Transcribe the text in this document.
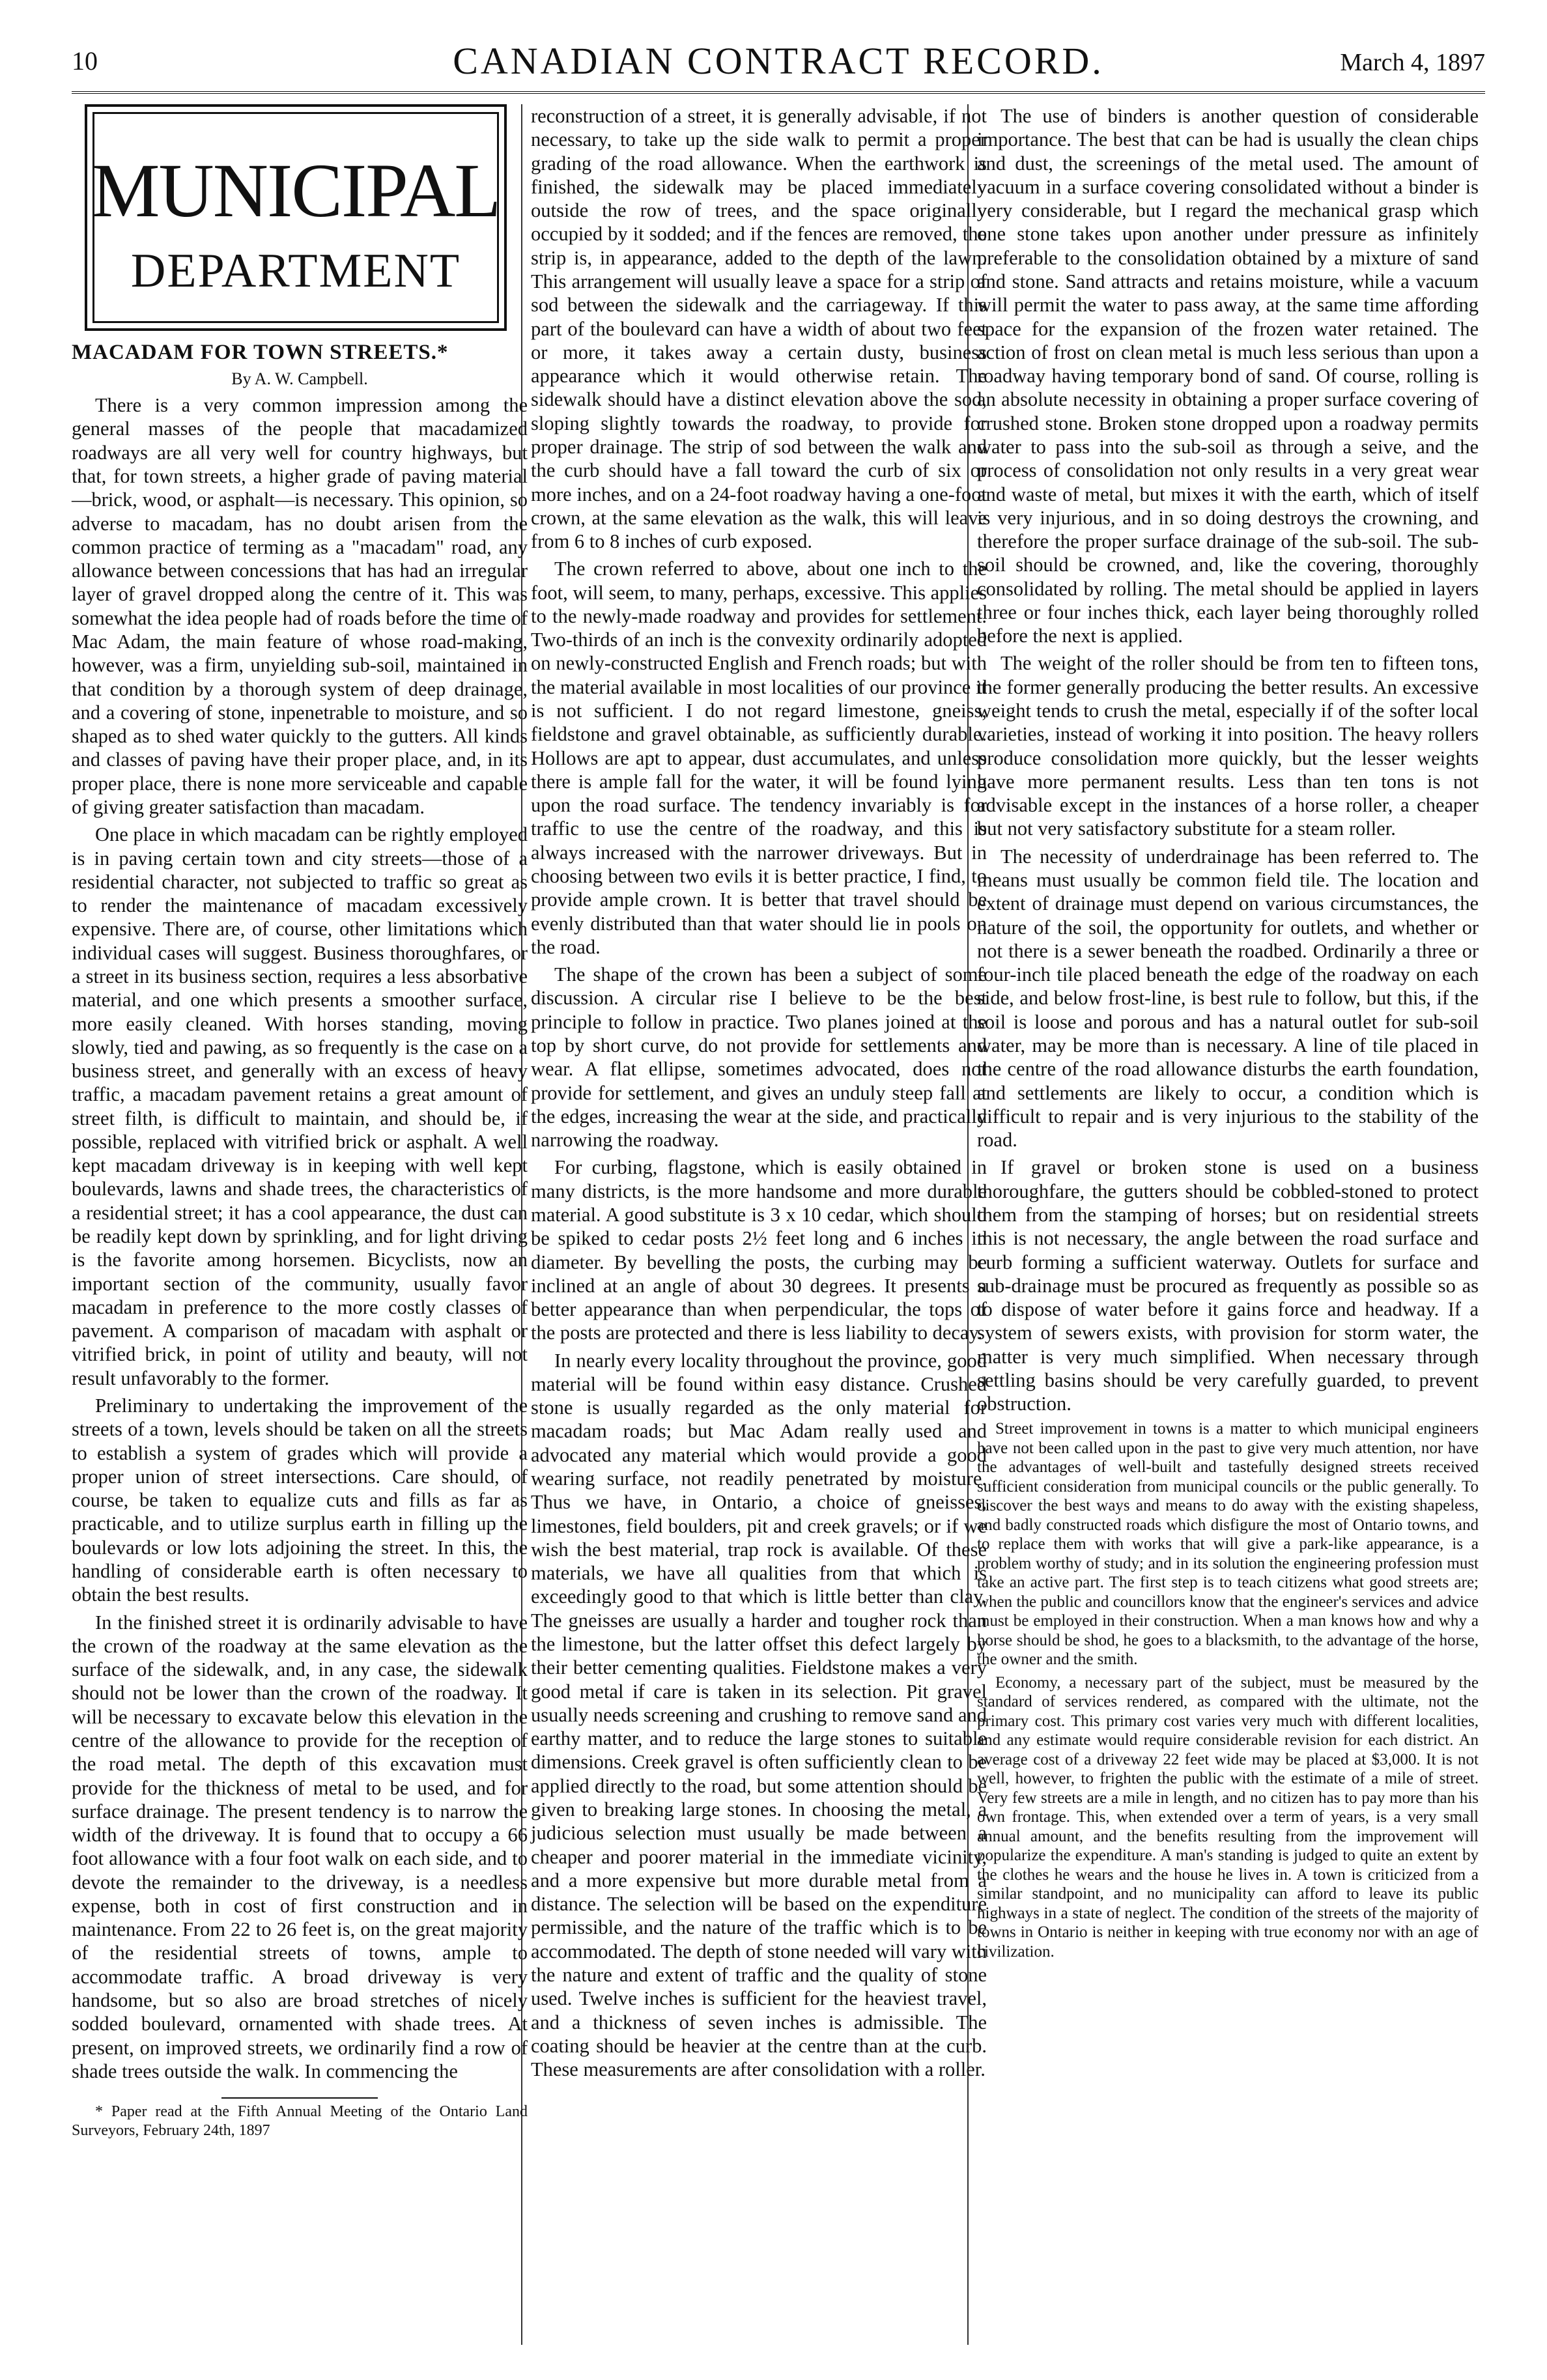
10	CANADIAN CONTRACT RECORD.	March 4, 1897
MUNICIPAL
DEPARTMENT

MACADAM FOR TOWN STREETS.*

By A. W. Campbell.

There is a very common impression among the general masses of the people that macadamized roadways are all very well for country highways, but that, for town streets, a higher grade of paving material—brick, wood, or asphalt—is necessary. This opinion, so adverse to macadam, has no doubt arisen from the common practice of terming as a "macadam" road, any allowance between concessions that has had an irregular layer of gravel dropped along the centre of it. This was somewhat the idea people had of roads before the time of Mac Adam, the main feature of whose road-making, however, was a firm, unyielding sub-soil, maintained in that condition by a thorough system of deep drainage, and a covering of stone, inpenetrable to moisture, and so shaped as to shed water quickly to the gutters. All kinds and classes of paving have their proper place, and, in its proper place, there is none more serviceable and capable of giving greater satisfaction than macadam.

One place in which macadam can be rightly employed is in paving certain town and city streets—those of a residential character, not subjected to traffic so great as to render the maintenance of macadam excessively expensive. There are, of course, other limitations which individual cases will suggest. Business thoroughfares, or a street in its business section, requires a less absorbative material, and one which presents a smoother surface, more easily cleaned. With horses standing, moving slowly, tied and pawing, as so frequently is the case on a business street, and generally with an excess of heavy traffic, a macadam pavement retains a great amount of street filth, is difficult to maintain, and should be, if possible, replaced with vitrified brick or asphalt. A well kept macadam driveway is in keeping with well kept boulevards, lawns and shade trees, the characteristics of a residential street; it has a cool appearance, the dust can be readily kept down by sprinkling, and for light driving is the favorite among horsemen. Bicyclists, now an important section of the community, usually favor macadam in preference to the more costly classes of pavement. A comparison of macadam with asphalt or vitrified brick, in point of utility and beauty, will not result unfavorably to the former.

Preliminary to undertaking the improvement of the streets of a town, levels should be taken on all the streets to establish a system of grades which will provide a proper union of street intersections. Care should, of course, be taken to equalize cuts and fills as far as practicable, and to utilize surplus earth in filling up the boulevards or low lots adjoining the street. In this, the handling of considerable earth is often necessary to obtain the best results.

In the finished street it is ordinarily advisable to have the crown of the roadway at the same elevation as the surface of the sidewalk, and, in any case, the sidewalk should not be lower than the crown of the roadway. It will be necessary to excavate below this elevation in the centre of the allowance to provide for the reception of the road metal. The depth of this excavation must provide for the thickness of metal to be used, and for surface drainage. The present tendency is to narrow the width of the driveway. It is found that to occupy a 66 foot allowance with a four foot walk on each side, and to devote the remainder to the driveway, is a needless expense, both in cost of first construction and in maintenance. From 22 to 26 feet is, on the great majority of the residential streets of towns, ample to accommodate traffic. A broad driveway is very handsome, but so also are broad stretches of nicely sodded boulevard, ornamented with shade trees. At present, on improved streets, we ordinarily find a row of shade trees outside the walk. In commencing the

* Paper read at the Fifth Annual Meeting of the Ontario Land Surveyors, February 24th, 1897

reconstruction of a street, it is generally advisable, if not necessary, to take up the side walk to permit a proper grading of the road allowance. When the earthwork is finished, the sidewalk may be placed immediately outside the row of trees, and the space originally occupied by it sodded; and if the fences are removed, the strip is, in appearance, added to the depth of the lawn. This arrangement will usually leave a space for a strip of sod between the sidewalk and the carriageway. If this part of the boulevard can have a width of about two feet or more, it takes away a certain dusty, business appearance which it would otherwise retain. The sidewalk should have a distinct elevation above the sod, sloping slightly towards the roadway, to provide for proper drainage. The strip of sod between the walk and the curb should have a fall toward the curb of six or more inches, and on a 24-foot roadway having a one-foot crown, at the same elevation as the walk, this will leave from 6 to 8 inches of curb exposed.

The crown referred to above, about one inch to the foot, will seem, to many, perhaps, excessive. This applies to the newly-made roadway and provides for settlement. Two-thirds of an inch is the convexity ordinarily adopted on newly-constructed English and French roads; but with the material available in most localities of our province it is not sufficient. I do not regard limestone, gneiss, fieldstone and gravel obtainable, as sufficiently durable. Hollows are apt to appear, dust accumulates, and unless there is ample fall for the water, it will be found lying upon the road surface. The tendency invariably is for traffic to use the centre of the roadway, and this is always increased with the narrower driveways. But in choosing between two evils it is better practice, I find, to provide ample crown. It is better that travel should be evenly distributed than that water should lie in pools on the road.

The shape of the crown has been a subject of some discussion. A circular rise I believe to be the best principle to follow in practice. Two planes joined at the top by short curve, do not provide for settlements and wear. A flat ellipse, sometimes advocated, does not provide for settlement, and gives an unduly steep fall at the edges, increasing the wear at the side, and practically narrowing the roadway.

For curbing, flagstone, which is easily obtained in many districts, is the more handsome and more durable material. A good substitute is 3 x 10 cedar, which should be spiked to cedar posts 2½ feet long and 6 inches in diameter. By bevelling the posts, the curbing may be inclined at an angle of about 30 degrees. It presents a better appearance than when perpendicular, the tops of the posts are protected and there is less liability to decay.

In nearly every locality throughout the province, good material will be found within easy distance. Crushed stone is usually regarded as the only material for macadam roads; but Mac Adam really used and advocated any material which would provide a good wearing surface, not readily penetrated by moisture. Thus we have, in Ontario, a choice of gneisses, limestones, field boulders, pit and creek gravels; or if we wish the best material, trap rock is available. Of these materials, we have all qualities from that which is exceedingly good to that which is little better than clay. The gneisses are usually a harder and tougher rock than the limestone, but the latter offset this defect largely by their better cementing qualities. Fieldstone makes a very good metal if care is taken in its selection. Pit gravel usually needs screening and crushing to remove sand and earthy matter, and to reduce the large stones to suitable dimensions. Creek gravel is often sufficiently clean to be applied directly to the road, but some attention should be given to breaking large stones. In choosing the metal, a judicious selection must usually be made between a cheaper and poorer material in the immediate vicinity, and a more expensive but more durable metal from a distance. The selection will be based on the expenditure permissible, and the nature of the traffic which is to be accommodated. The depth of stone needed will vary with the nature and extent of traffic and the quality of stone used. Twelve inches is sufficient for the heaviest travel, and a thickness of seven inches is admissible. The coating should be heavier at the centre than at the curb. These measurements are after consolidation with a roller.

The use of binders is another question of considerable importance. The best that can be had is usually the clean chips and dust, the screenings of the metal used. The amount of vacuum in a surface covering consolidated without a binder is very considerable, but I regard the mechanical grasp which one stone takes upon another under pressure as infinitely preferable to the consolidation obtained by a mixture of sand and stone. Sand attracts and retains moisture, while a vacuum will permit the water to pass away, at the same time affording space for the expansion of the frozen water retained. The action of frost on clean metal is much less serious than upon a roadway having temporary bond of sand. Of course, rolling is an absolute necessity in obtaining a proper surface covering of crushed stone. Broken stone dropped upon a roadway permits water to pass into the sub-soil as through a seive, and the process of consolidation not only results in a very great wear and waste of metal, but mixes it with the earth, which of itself is very injurious, and in so doing destroys the crowning, and therefore the proper surface drainage of the sub-soil. The sub-soil should be crowned, and, like the covering, thoroughly consolidated by rolling. The metal should be applied in layers three or four inches thick, each layer being thoroughly rolled before the next is applied.

The weight of the roller should be from ten to fifteen tons, the former generally producing the better results. An excessive weight tends to crush the metal, especially if of the softer local varieties, instead of working it into position. The heavy rollers produce consolidation more quickly, but the lesser weights have more permanent results. Less than ten tons is not advisable except in the instances of a horse roller, a cheaper but not very satisfactory substitute for a steam roller.

The necessity of underdrainage has been referred to. The means must usually be common field tile. The location and extent of drainage must depend on various circumstances, the nature of the soil, the opportunity for outlets, and whether or not there is a sewer beneath the roadbed. Ordinarily a three or four-inch tile placed beneath the edge of the roadway on each side, and below frost-line, is best rule to follow, but this, if the soil is loose and porous and has a natural outlet for sub-soil water, may be more than is necessary. A line of tile placed in the centre of the road allowance disturbs the earth foundation, and settlements are likely to occur, a condition which is difficult to repair and is very injurious to the stability of the road.

If gravel or broken stone is used on a business thoroughfare, the gutters should be cobbled-stoned to protect them from the stamping of horses; but on residential streets this is not necessary, the angle between the road surface and curb forming a sufficient waterway. Outlets for surface and sub-drainage must be procured as frequently as possible so as to dispose of water before it gains force and headway. If a system of sewers exists, with provision for storm water, the matter is very much simplified. When necessary through settling basins should be very carefully guarded, to prevent obstruction.

Street improvement in towns is a matter to which municipal engineers have not been called upon in the past to give very much attention, nor have the advantages of well-built and tastefully designed streets received sufficient consideration from municipal councils or the public generally. To discover the best ways and means to do away with the existing shapeless, and badly constructed roads which disfigure the most of Ontario towns, and to replace them with works that will give a park-like appearance, is a problem worthy of study; and in its solution the engineering profession must take an active part. The first step is to teach citizens what good streets are; when the public and councillors know that the engineer's services and advice must be employed in their construction. When a man knows how and why a horse should be shod, he goes to a blacksmith, to the advantage of the horse, the owner and the smith.

Economy, a necessary part of the subject, must be measured by the standard of services rendered, as compared with the ultimate, not the primary cost. This primary cost varies very much with different localities, and any estimate would require considerable revision for each district. An average cost of a driveway 22 feet wide may be placed at $3,000. It is not well, however, to frighten the public with the estimate of a mile of street. Very few streets are a mile in length, and no citizen has to pay more than his own frontage. This, when extended over a term of years, is a very small annual amount, and the benefits resulting from the improvement will popularize the expenditure. A man's standing is judged to quite an extent by the clothes he wears and the house he lives in. A town is criticized from a similar standpoint, and no municipality can afford to leave its public highways in a state of neglect. The condition of the streets of the majority of towns in Ontario is neither in keeping with true economy nor with an age of civilization.
